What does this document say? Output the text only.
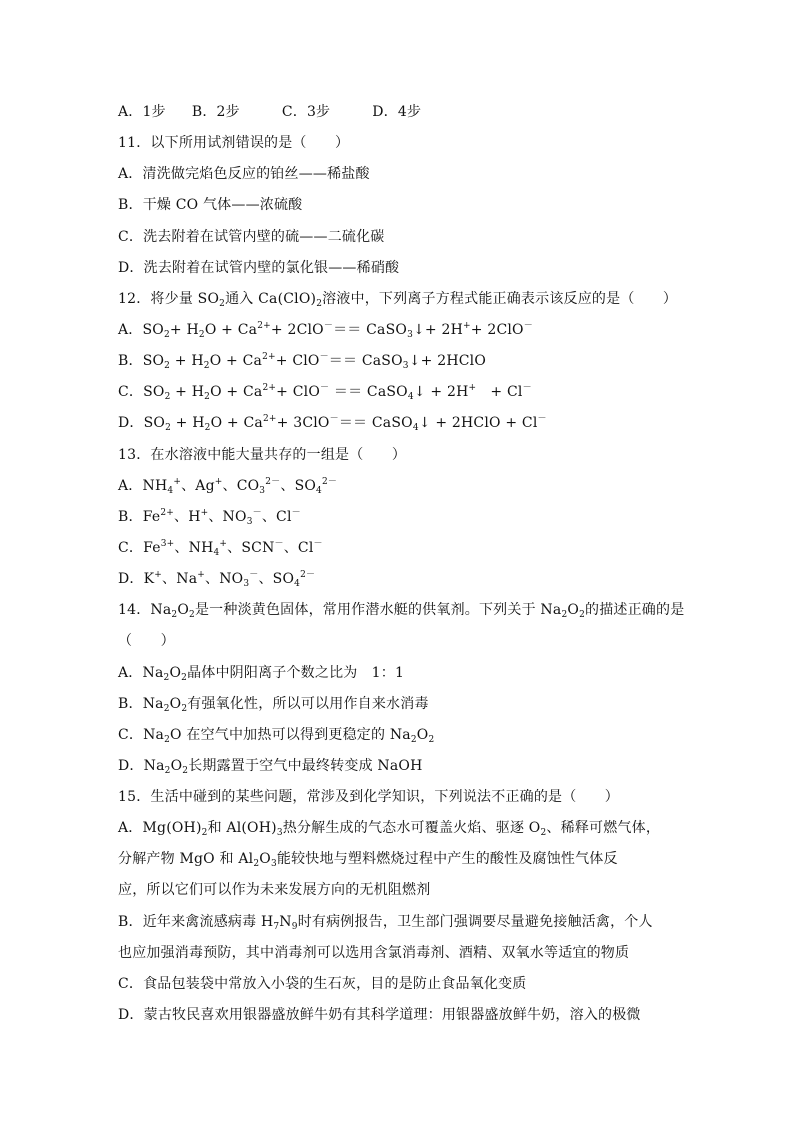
A．1步 B．2步	C．3步	D．4步
11．以下所用试剂错误的是（　　）
A．清洗做完焰色反应的铂丝——稀盐酸
B．干燥 CO 气体——浓硫酸
C．洗去附着在试管内壁的硫——二硫化碳
D．洗去附着在试管内壁的氯化银——稀硝酸
12．将少量 $SO_2$通入 $Ca(ClO)_2$溶液中，下列离子方程式能正确表示该反应的是（　　）
A．$SO_2+ H_2O + Ca^{2+}+ 2ClO^-==$ CaSO$_3$↓+ 2H++ 2ClO－
B．$SO_2 + H_2O + Ca^{2+}+ ClO^-==$ CaSO$_3$↓+ 2HClO
C．$SO_2 + H_2O + Ca^{2+}+ ClO^-$ ＝＝ CaSO$_4$↓ + 2H+　+ Cl－
D．$SO_2 + H_2O + Ca^{2+}+ 3ClO^-==$ CaSO$_4$↓ + 2HClO + Cl－
13．在水溶液中能大量共存的一组是（　　）
A．$NH_4^+$、Ag+、$CO_3^{2-}$、$SO_4^{2-}$
B．$Fe^{2+}$、H+、$NO_3^-$、Cl－
C．$Fe^{3+}$、$NH_4^+$、SCN－、Cl－
D．K+、Na+、$NO_3^-$、$SO_4^{2-}$
14．$Na_2O_2$是一种淡黄色固体，常用作潜水艇的供氧剂。下列关于 $Na_2O_2$的描述正确的是
（　　）
A．$Na_2O_2$晶体中阴阳离子个数之比为　1：1
B．$Na_2O_2$有强氧化性，所以可以用作自来水消毒
C．$Na_2O$ 在空气中加热可以得到更稳定的 $Na_2O_2$
D．$Na_2O_2$长期露置于空气中最终转变成 NaOH
15．生活中碰到的某些问题，常涉及到化学知识，下列说法不正确的是（　　）
A．$Mg(OH)_2$和 $Al(OH)_3$热分解生成的气态水可覆盖火焰、驱逐 $O_2$、稀释可燃气体，
分解产物 MgO 和 $Al_2O_3$能较快地与塑料燃烧过程中产生的酸性及腐蚀性气体反
应，所以它们可以作为未来发展方向的无机阻燃剂
B．近年来禽流感病毒 $H_7N_9$时有病例报告，卫生部门强调要尽量避免接触活禽，个人
也应加强消毒预防，其中消毒剂可以选用含氯消毒剂、酒精、双氧水等适宜的物质
C．食品包装袋中常放入小袋的生石灰，目的是防止食品氧化变质
D．蒙古牧民喜欢用银器盛放鲜牛奶有其科学道理：用银器盛放鲜牛奶，溶入的极微
